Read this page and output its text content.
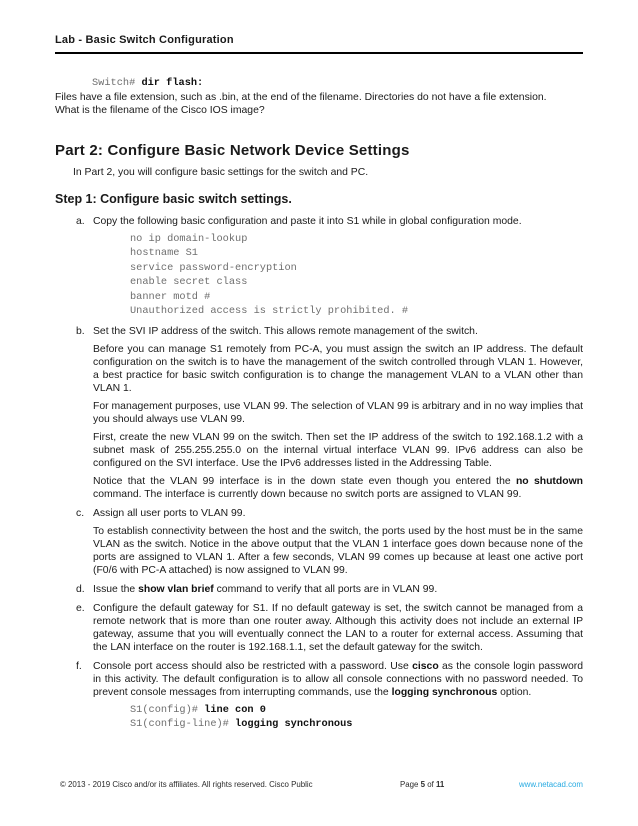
Lab - Basic Switch Configuration
Switch# dir flash:

Files have a file extension, such as .bin, at the end of the filename. Directories do not have a file extension.

What is the filename of the Cisco IOS image?

Part 2: Configure Basic Network Device Settings

In Part 2, you will configure basic settings for the switch and PC.

Step 1: Configure basic switch settings.
a. Copy the following basic configuration and paste it into S1 while in global configuration mode.

no ip domain-lookup
hostname S1
service password-encryption
enable secret class
banner motd #
Unauthorized access is strictly prohibited. #
b. Set the SVI IP address of the switch. This allows remote management of the switch.

Before you can manage S1 remotely from PC-A, you must assign the switch an IP address. The default configuration on the switch is to have the management of the switch controlled through VLAN 1. However, a best practice for basic switch configuration is to change the management VLAN to a VLAN other than VLAN 1.

For management purposes, use VLAN 99. The selection of VLAN 99 is arbitrary and in no way implies that you should always use VLAN 99.

First, create the new VLAN 99 on the switch. Then set the IP address of the switch to 192.168.1.2 with a subnet mask of 255.255.255.0 on the internal virtual interface VLAN 99. IPv6 address can also be configured on the SVI interface. Use the IPv6 addresses listed in the Addressing Table.

Notice that the VLAN 99 interface is in the down state even though you entered the no shutdown command. The interface is currently down because no switch ports are assigned to VLAN 99.

c. Assign all user ports to VLAN 99.

To establish connectivity between the host and the switch, the ports used by the host must be in the same VLAN as the switch. Notice in the above output that the VLAN 1 interface goes down because none of the ports are assigned to VLAN 1. After a few seconds, VLAN 99 comes up because at least one active port (F0/6 with PC-A attached) is now assigned to VLAN 99.

d. Issue the show vlan brief command to verify that all ports are in VLAN 99.

e. Configure the default gateway for S1. If no default gateway is set, the switch cannot be managed from a remote network that is more than one router away. Although this activity does not include an external IP gateway, assume that you will eventually connect the LAN to a router for external access. Assuming that the LAN interface on the router is 192.168.1.1, set the default gateway for the switch.

f. Console port access should also be restricted with a password. Use cisco as the console login password in this activity. The default configuration is to allow all console connections with no password needed. To prevent console messages from interrupting commands, use the logging synchronous option.

S1(config)# line con 0
S1(config-line)# logging synchronous
© 2013 - 2019 Cisco and/or its affiliates. All rights reserved. Cisco Public	Page 5 of 11	www.netacad.com
